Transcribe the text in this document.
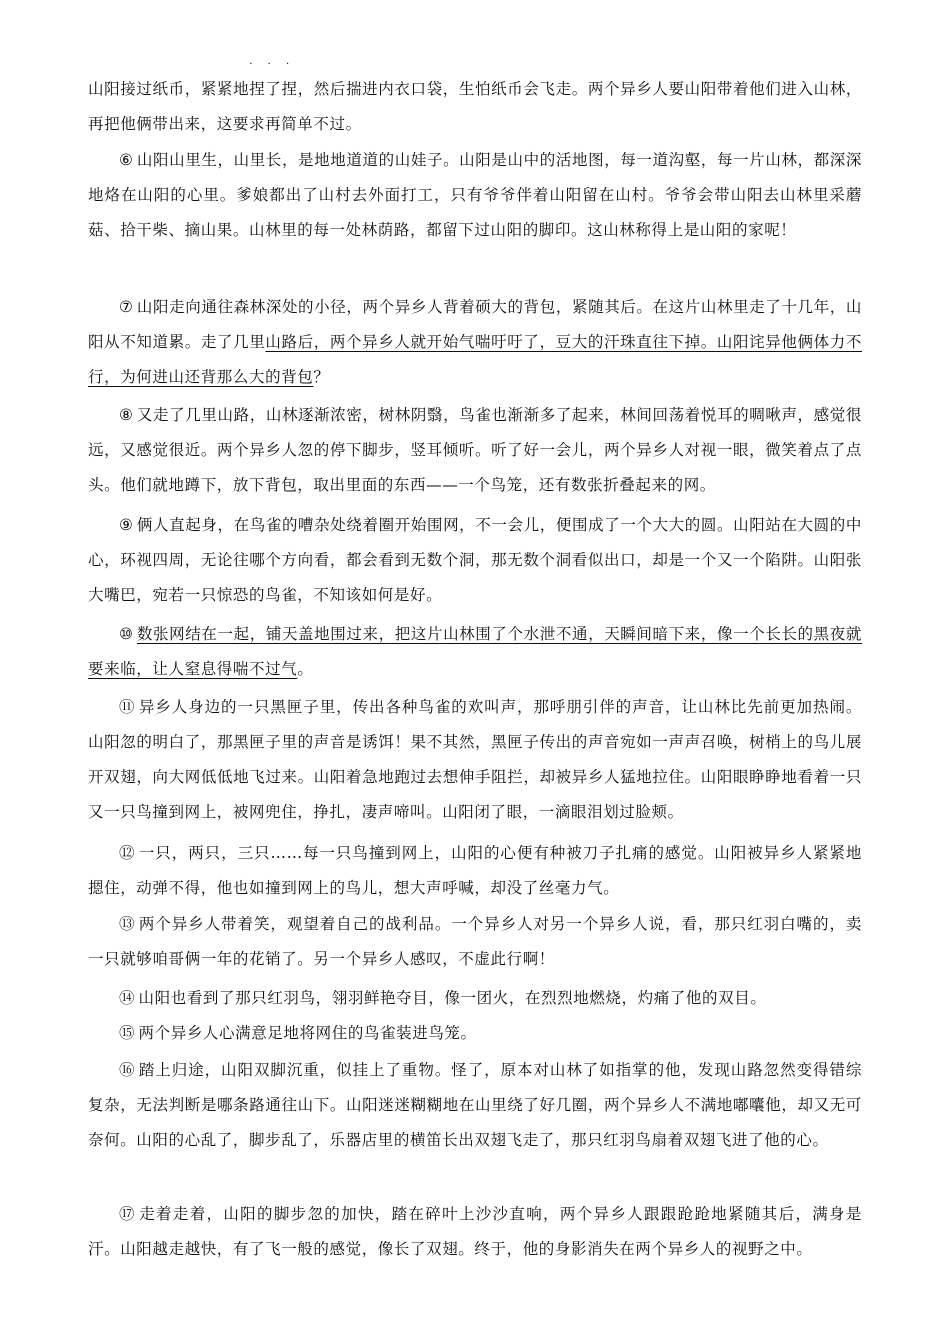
山阳接过纸币，紧紧地
· · ·
捏了捏，然后揣进内衣口袋，生怕纸币会飞走。两个异乡人要山阳带着他们进入山林，再把他俩带出来，这要求再简单不过。

⑥ 山阳山里生，山里长，是地地道道的山娃子。山阳是山中的活地图，每一道沟壑，每一片山林，都深深地烙在山阳的心里。爹娘都出了山村去外面打工，只有爷爷伴着山阳留在山村。爷爷会带山阳去山林里采蘑菇、拾干柴、摘山果。山林里的每一处林荫路，都留下过山阳的脚印。这山林称得上是山阳的家呢！

⑦ 山阳走向通往森林深处的小径，两个异乡人背着硕大的背包，紧随其后。在这片山林里走了十几年，山阳从不知道累。走了几里山路后，两个异乡人就开始气喘吁吁了，豆大的汗珠直往下掉。山阳诧异他俩体力不行，为何进山还背那么大的背包？

⑧ 又走了几里山路，山林逐渐浓密，树林阴翳，鸟雀也渐渐多了起来，林间回荡着悦耳的啁啾声，感觉很远，又感觉很近。两个异乡人忽的停下脚步，竖耳倾听。听了好一会儿，两个异乡人对视一眼，微笑着点了点头。他们就地蹲下，放下背包，取出里面的东西——一个鸟笼，还有数张折叠起来的网。

⑨ 俩人直起身，在鸟雀的嘈杂处绕着圈开始围网，不一会儿，便围成了一个大大的圆。山阳站在大圆的中心，环视四周，无论往哪个方向看，都会看到无数个洞，那无数个洞看似出口，却是一个又一个陷阱。山阳张大嘴巴，宛若一只惊恐的鸟雀，不知该如何是好。

⑩ 数张网结在一起，铺天盖地围过来，把这片山林围了个水泄不通，天瞬间暗下来，像一个长长的黑夜就要来临，让人窒息得喘不过气。

⑪ 异乡人身边的一只黑匣子里，传出各种鸟雀的欢叫声，那呼朋引伴的声音，让山林比先前更加热闹。山阳忽的明白了，那黑匣子里的声音是诱饵！果不其然，黑匣子传出的声音宛如一声声召唤，树梢上的鸟儿展开双翅，向大网低低地飞过来。山阳着急地跑过去想伸手阻拦，却被异乡人猛地拉住。山阳眼睁睁地看着一只又一只鸟撞到网上，被网兜住，挣扎，凄声啼叫。山阳闭了眼，一滴眼泪划过脸颊。

⑫ 一只，两只，三只……每一只鸟撞到网上，山阳的心便有种被刀子扎痛的感觉。山阳被异乡人紧紧地摁住，动弹不得，他也如撞到网上的鸟儿，想大声呼喊，却没了丝毫力气。

⑬ 两个异乡人带着笑，观望着自己的战利品。一个异乡人对另一个异乡人说，看，那只红羽白嘴的，卖一只就够咱哥俩一年的花销了。另一个异乡人感叹，不虚此行啊！

⑭ 山阳也看到了那只红羽鸟，翎羽鲜艳夺目，像一团火，在烈烈地燃烧，灼痛了他的双目。

⑮ 两个异乡人心满意足地将网住的鸟雀装进鸟笼。

⑯ 踏上归途，山阳双脚沉重，似挂上了重物。怪了，原本对山林了如指掌的他，发现山路忽然变得错综复杂，无法判断是哪条路通往山下。山阳迷迷糊糊地在山里绕了好几圈，两个异乡人不满地嘟囔他，却又无可奈何。山阳的心乱了，脚步乱了，乐器店里的横笛长出双翅飞走了，那只红羽鸟扇着双翅飞进了他的心。

⑰ 走着走着，山阳的脚步忽的加快，踏在碎叶上沙沙直响，两个异乡人跟跟跄跄地紧随其后，满身是汗。山阳越走越快，有了飞一般的感觉，像长了双翅。终于，他的身影消失在两个异乡人的视野之中。
